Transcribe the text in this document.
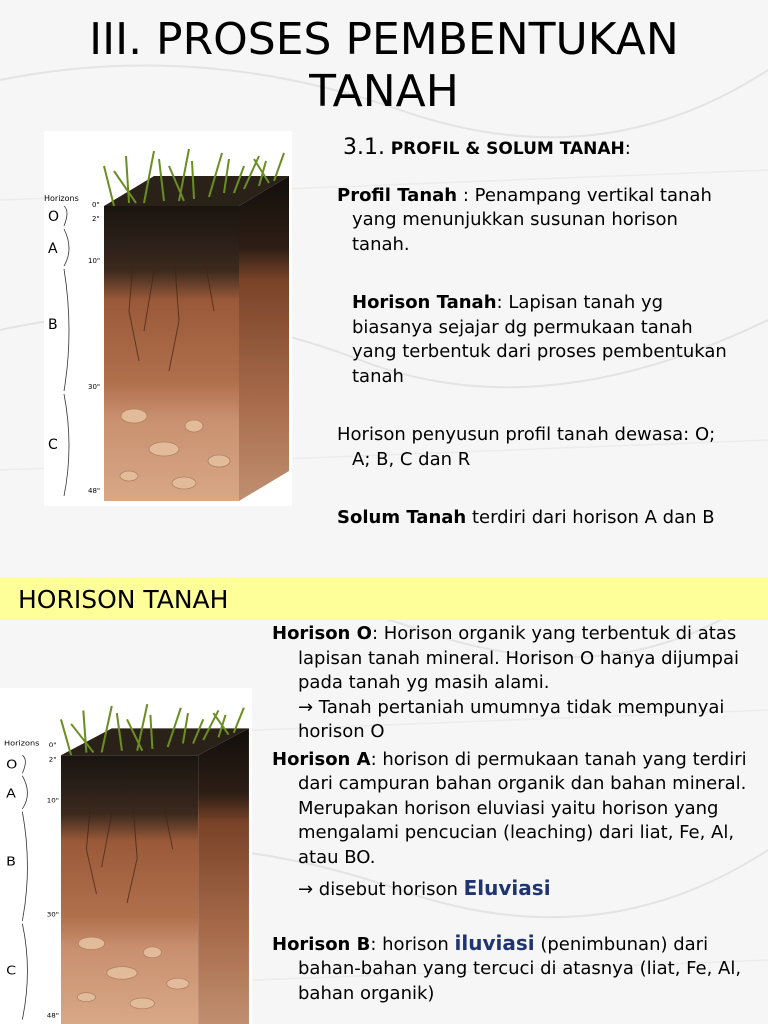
III. PROSES PEMBENTUKAN
TANAH
Horizons
O
A
B
C
0"
2"
10"
30"
48"

3.1. PROFIL & SOLUM TANAH:

Profil Tanah : Penampang vertikal tanah yang menunjukkan susunan horison tanah.

Horison Tanah: Lapisan tanah yg biasanya sejajar dg permukaan tanah yang terbentuk dari proses pembentukan tanah

Horison penyusun profil tanah dewasa: O; A; B, C dan R

Solum Tanah terdiri dari horison A dan B

HORISON TANAH
Horizons
O
A
B
C
0"
2"
10"
30"
48"

Horison O: Horison organik yang terbentuk di atas lapisan tanah mineral. Horison O hanya dijumpai pada tanah yg masih alami.

→ Tanah pertaniah umumnya tidak mempunyai horison O

Horison A: horison di permukaan tanah yang terdiri dari campuran bahan organik dan bahan mineral. Merupakan horison eluviasi yaitu horison yang mengalami pencucian (leaching) dari liat, Fe, Al, atau BO.

→ disebut horison Eluviasi

Horison B: horison iluviasi (penimbunan) dari bahan-bahan yang tercuci di atasnya (liat, Fe, Al, bahan organik)
